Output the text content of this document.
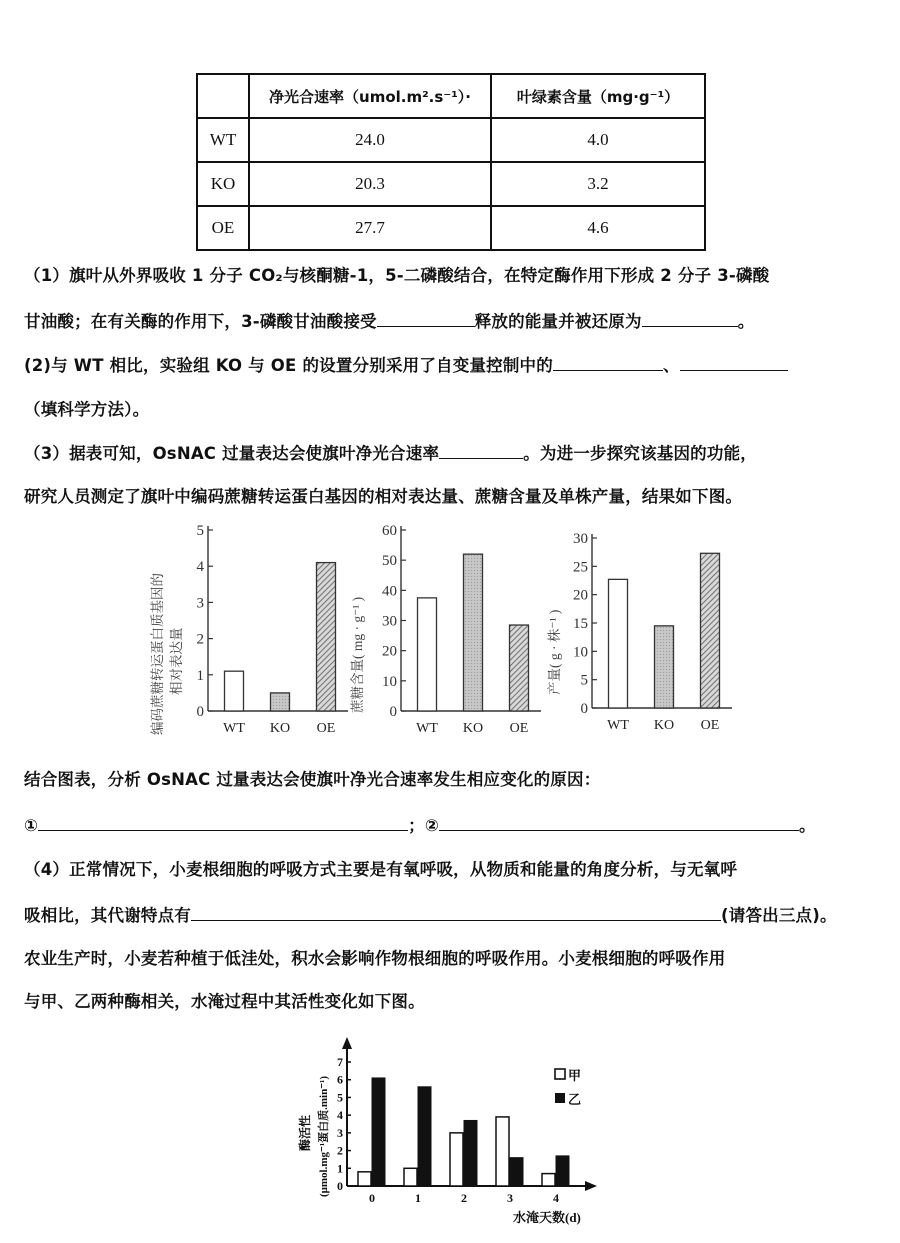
	净光合速率（umol.m².s⁻¹）·	叶绿素含量（mg·g⁻¹）
WT	24.0	4.0
KO	20.3	3.2
OE	27.7	4.6
（1）旗叶从外界吸收 1 分子 CO₂与核酮糖-1，5-二磷酸结合，在特定酶作用下形成 2 分子 3-磷酸
甘油酸；在有关酶的作用下，3-磷酸甘油酸接受	释放的能量并被还原为	。
(2)与 WT 相比，实验组 KO 与 OE 的设置分别采用了自变量控制中的	、
（填科学方法）。
（3）据表可知，OsNAC 过量表达会使旗叶净光合速率	。为进一步探究该基因的功能，
研究人员测定了旗叶中编码蔗糖转运蛋白基因的相对表达量、蔗糖含量及单株产量，结果如下图。
0
1
2
3
4
5
WT KO OE
编码蔗糖转运蛋白质基因的 相对表达量
0
10
20
30
40
50
60
WT KO OE
蔗糖含量( mg · g⁻¹ )	0
5
10
15
20
25
30
WT KO OE
产量( g · 株⁻¹ )
结合图表，分析 OsNAC 过量表达会使旗叶净光合速率发生相应变化的原因：
①	；②	。
（4）正常情况下，小麦根细胞的呼吸方式主要是有氧呼吸，从物质和能量的角度分析，与无氧呼
吸相比，其代谢特点有	(请答出三点)。
农业生产时，小麦若种植于低洼处，积水会影响作物根细胞的呼吸作用。小麦根细胞的呼吸作用
与甲、乙两种酶相关，水淹过程中其活性变化如下图。
0
1
2
3
4
5
6
7
0	1	2	3	4
水淹天数(d)
甲
乙
酶活性 (μmol.mg⁻¹蛋白质.min⁻¹)
